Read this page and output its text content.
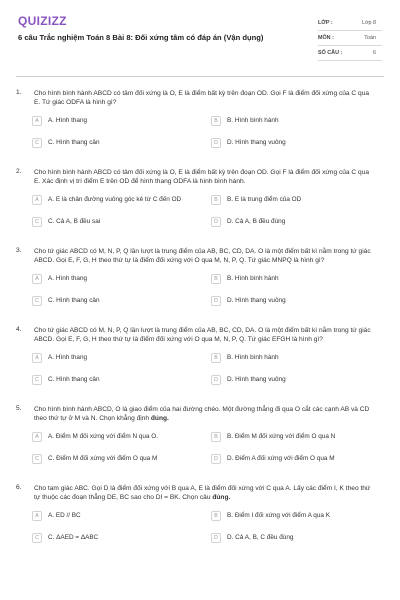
QUIZIZZ
6 câu Trắc nghiệm Toán 8 Bài 8: Đối xứng tâm có đáp án (Vận dụng)
LỚP :	Lớp 8
MÔN :	Toán
SỐ CÂU :	6
1.	Cho hình bình hành ABCD có tâm đối xứng là O, E là điểm bất kỳ trên đoạn OD. Gọi F là điểm đối xứng của C qua E. Tứ giác ODFA là hình gì?
A	A. Hình thang	B	B. Hình bình hành
C	C. Hình thang cân	D	D. Hình thang vuông
2.	Cho hình bình hành ABCD có tâm đối xứng là O, E là điểm bất kỳ trên đoạn OD. Gọi F là điểm đối xứng của C qua E. Xác định vị trí điểm E trên OD để hình thang ODFA là hình bình hành.
A	A. E là chân đường vuông góc kẻ từ C đến OD	B	B. E là trung điểm của OD
C	C. Cả A, B đều sai	D	D. Cả A, B đều đúng
3.	Cho tứ giác ABCD có M, N, P, Q lần lượt là trung điểm của AB, BC, CD, DA. O là một điểm bất kì nằm trong tứ giác ABCD. Gọi E, F, G, H theo thứ tự là điểm đối xứng với O qua M, N, P, Q. Tứ giác MNPQ là hình gì?
A	A. Hình thang	B	B. Hình bình hành
C	C. Hình thang cân	D	D. Hình thang vuông
4.	Cho tứ giác ABCD có M, N, P, Q lần lượt là trung điểm của AB, BC, CD, DA. O là một điểm bất kì nằm trong tứ giác ABCD. Gọi E, F, G, H theo thứ tự là điểm đối xứng với O qua M, N, P, Q. Tứ giác EFGH là hình gì?
A	A. Hình thang	B	B. Hình bình hành
C	C. Hình thang cân	D	D. Hình thang vuông
5.	Cho hình bình hành ABCD, O là giao điểm của hai đường chéo. Một đường thẳng đi qua O cắt các cạnh AB và CD theo thứ tự ở M và N. Chọn khẳng định đúng.
A	A. Điểm M đối xứng với điểm N qua O.	B	B. Điểm M đối xứng với điểm O qua N
C	C. Điểm M đối xứng với điểm O qua M	D	D. Điểm A đối xứng với điểm O qua M
6.	Cho tam giác ABC. Gọi D là điểm đối xứng với B qua A, E là điểm đối xứng với C qua A. Lấy các điểm I, K theo thứ tự thuộc các đoạn thẳng DE, BC sao cho DI = BK. Chọn câu đúng.
A	A. ED // BC	B	B. Điểm I đối xứng với điểm A qua K
C	C. ΔAED = ΔABC	D	D. Cả A, B, C đều đúng
